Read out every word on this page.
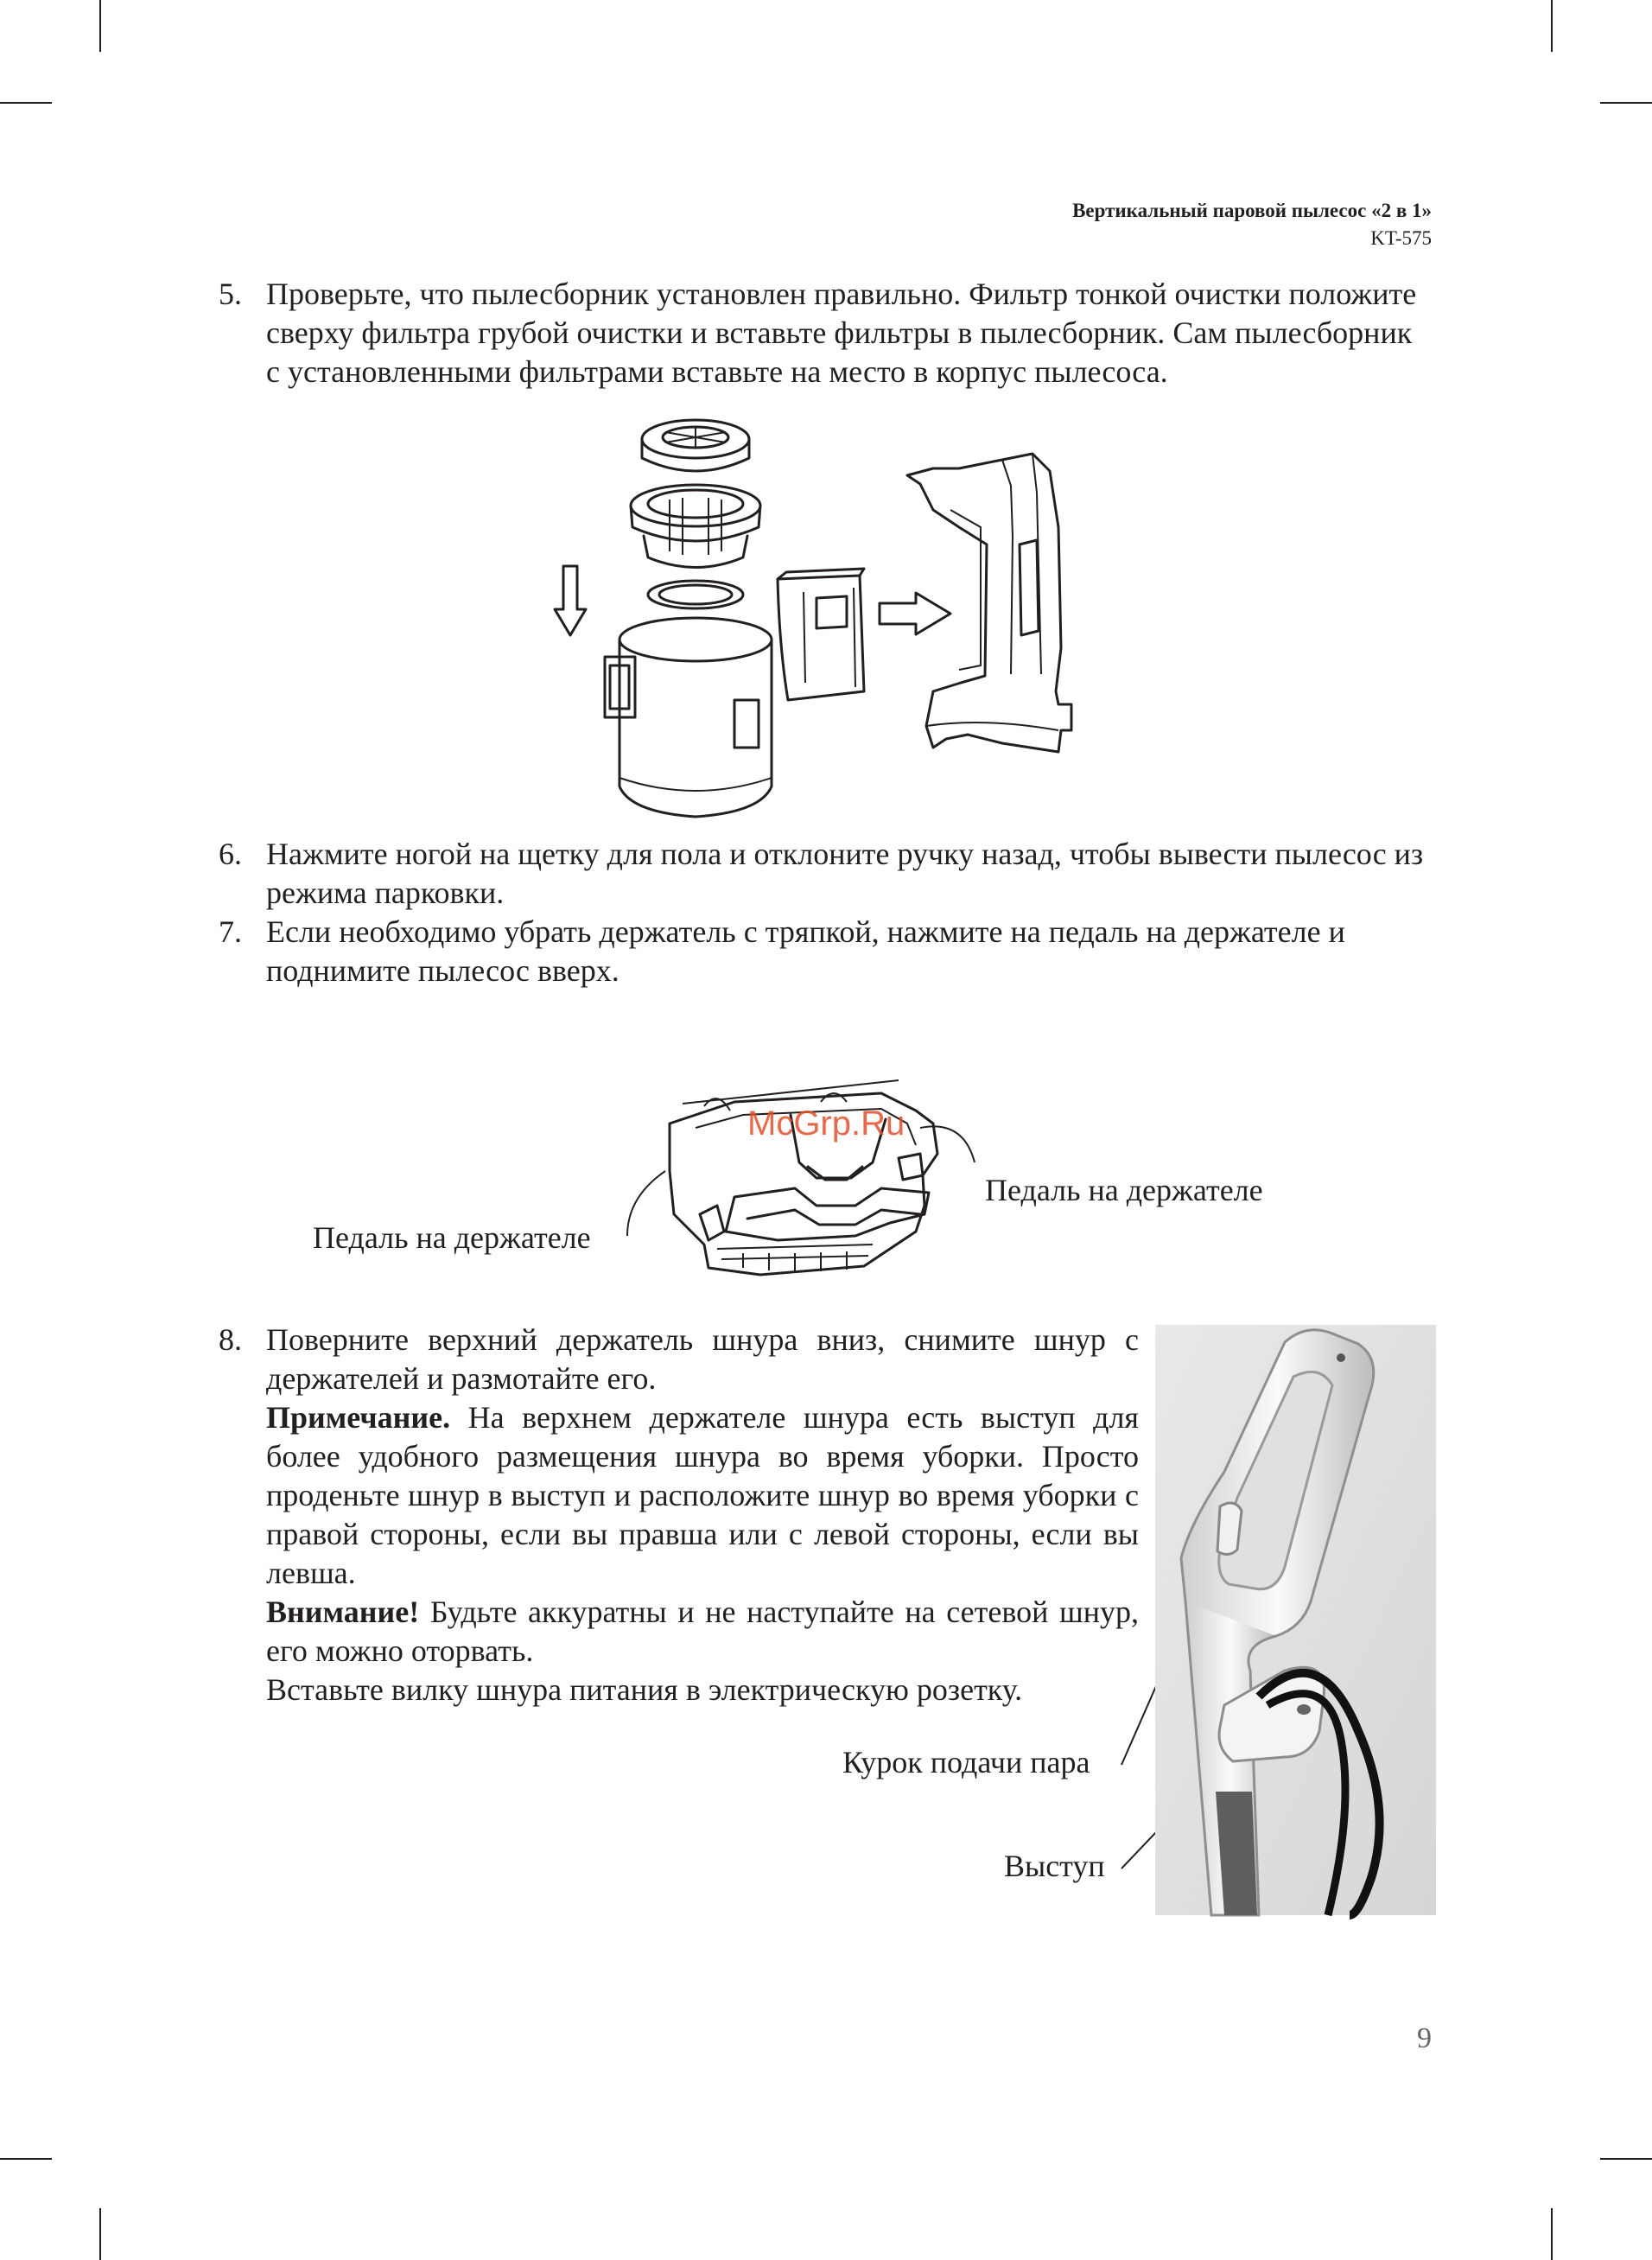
Вертикальный паровой пылесос «2 в 1»
KT-575
5. Проверьте, что пылесборник установлен правильно. Фильтр тонкой очистки положите сверху фильтра грубой очистки и вставьте фильтры в пылесборник. Сам пылесборник с установленными фильтрами вставьте на место в корпус пылесоса.

6. Нажмите ногой на щетку для пола и отклоните ручку назад, чтобы вывести пылесос из режима парковки.

7. Если необходимо убрать держатель с тряпкой, нажмите на педаль на держателе и поднимите пылесос вверх.

McGrp.Ru
Педаль на держателе
Педаль на держателе
8. Поверните верхний держатель шнура вниз, снимите шнур с держателей и размотайте его.

Примечание. На верхнем держателе шнура есть выступ для более удобного размещения шнура во время уборки. Просто проденьте шнур в выступ и расположите шнур во время уборки с правой стороны, если вы правша или с левой стороны, если вы левша.

Внимание! Будьте аккуратны и не наступайте на сетевой шнур, его можно оторвать.

Вставьте вилку шнура питания в электрическую розетку.

Курок подачи пара
Выступ
9
